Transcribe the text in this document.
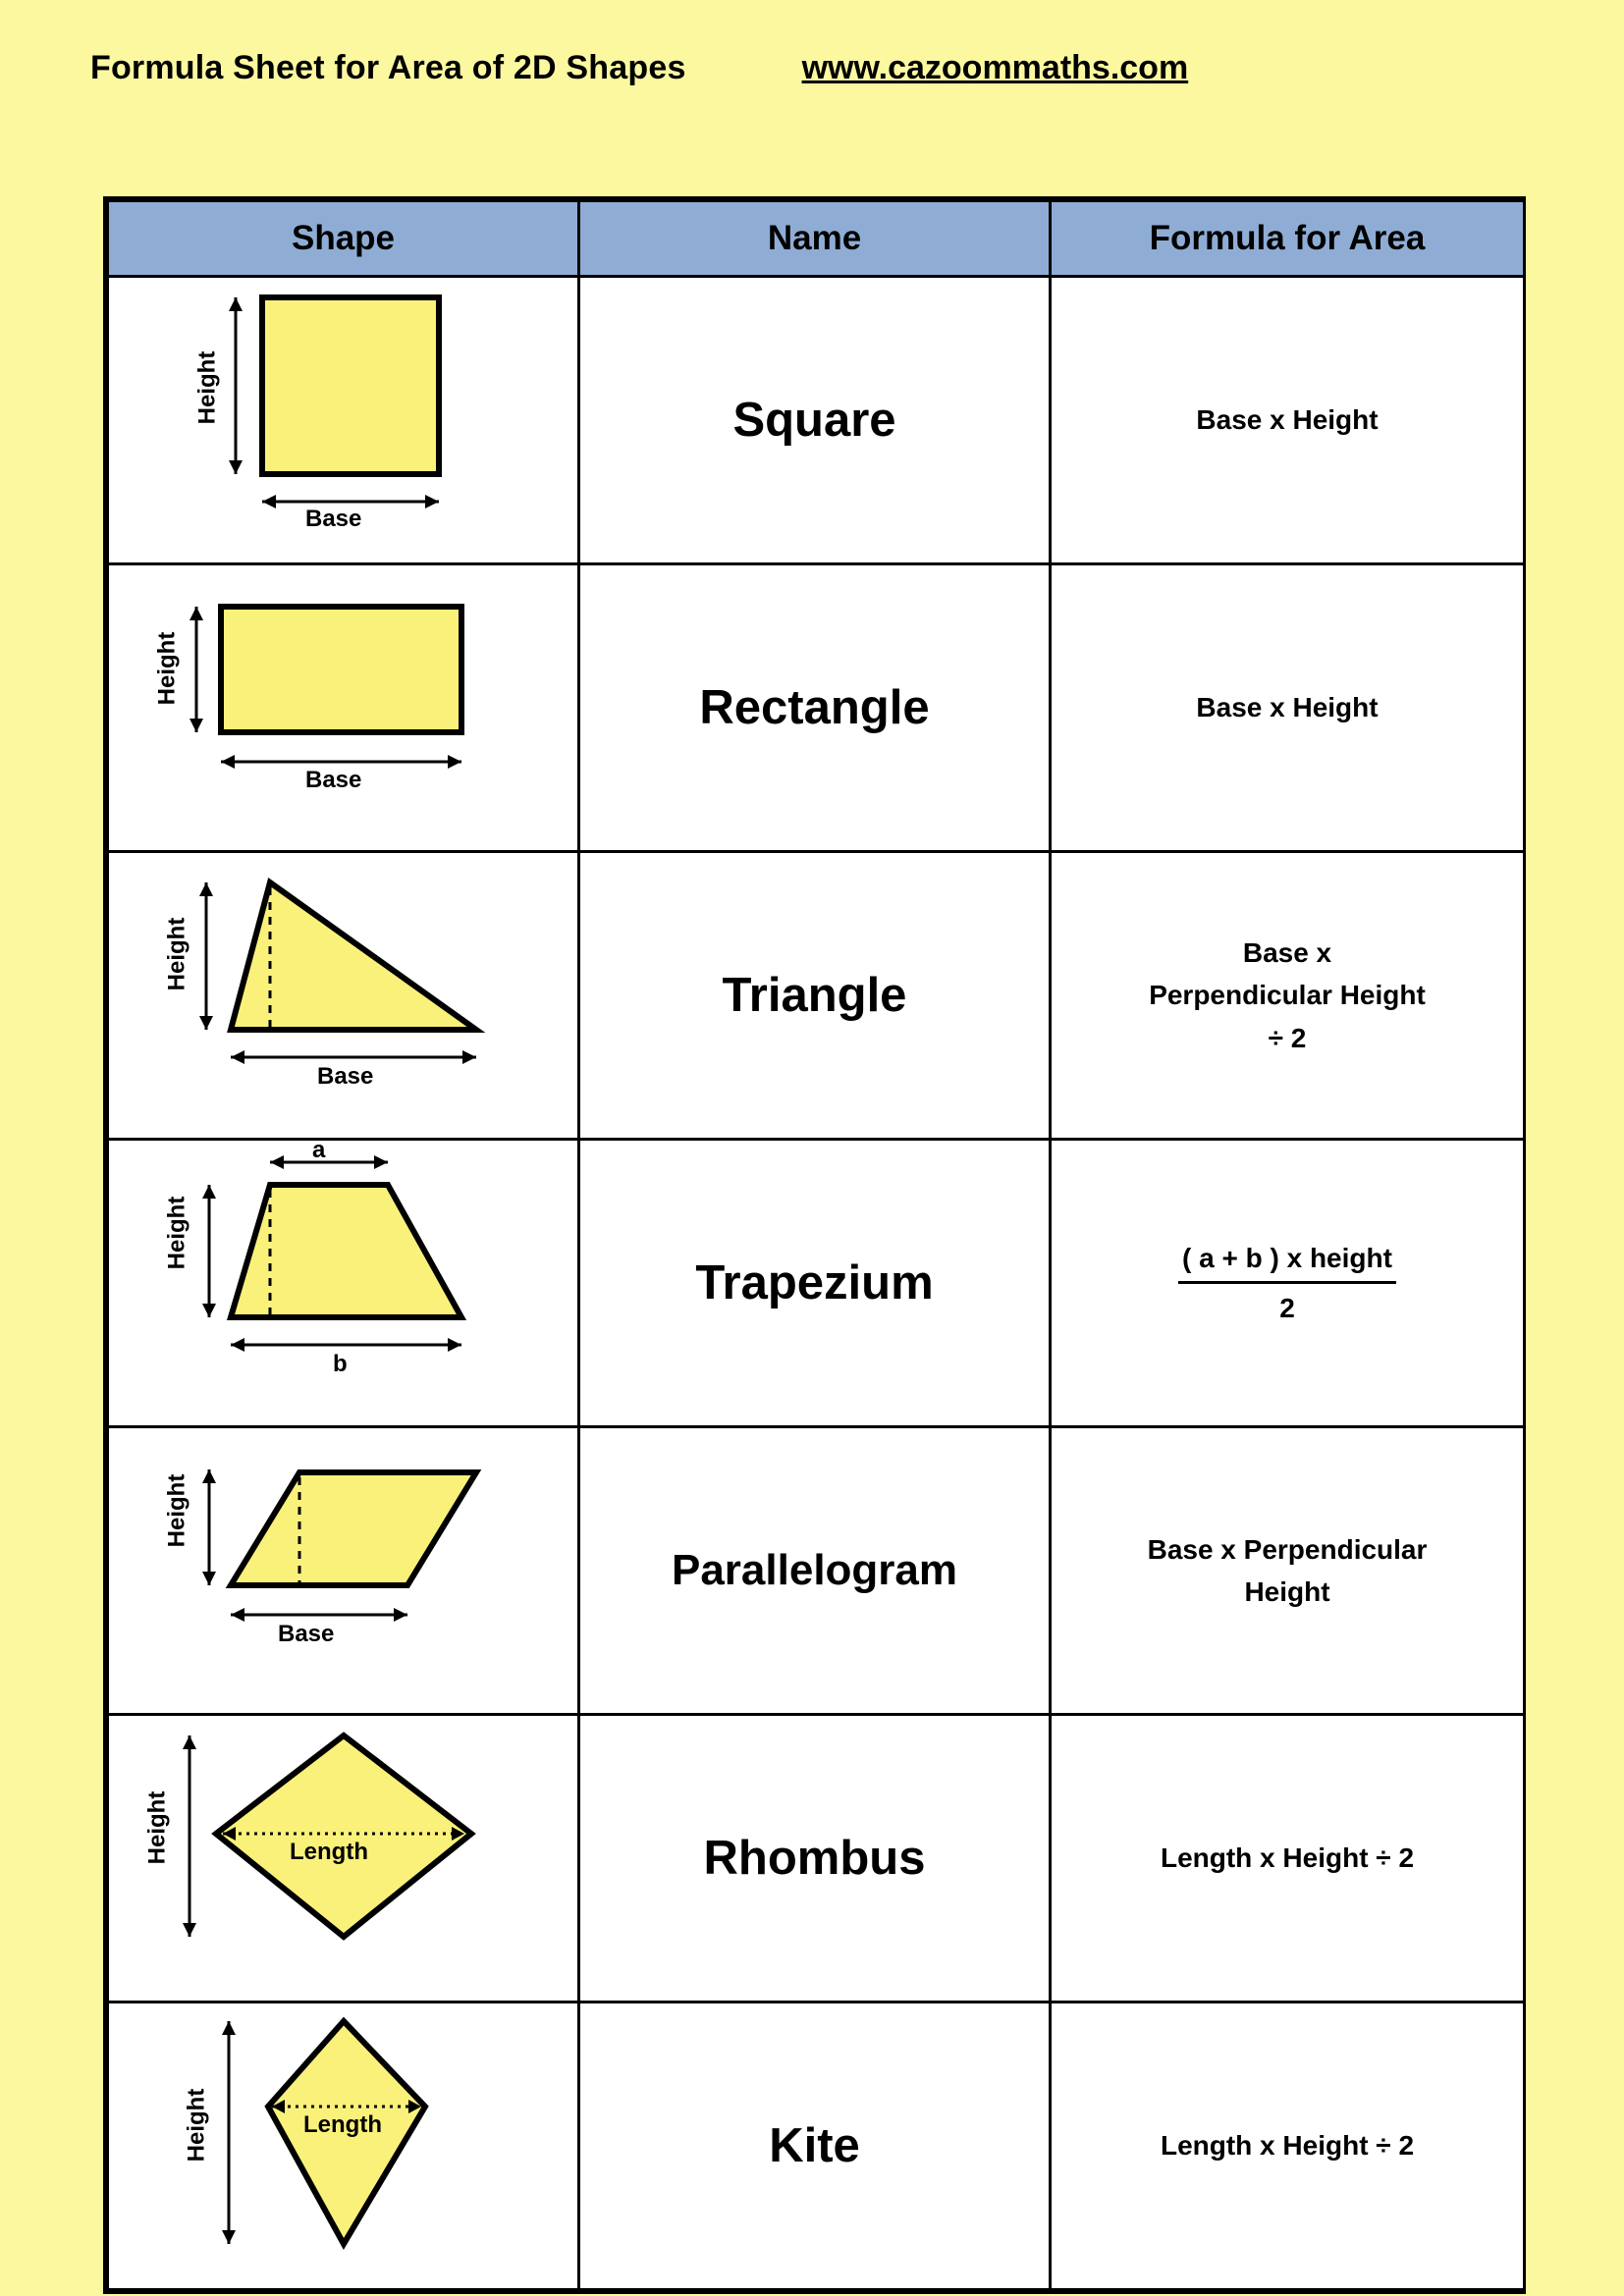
Formula Sheet for Area of 2D Shapes	www.cazoommaths.com
Shape	Name	Formula for Area

Height
Base	Square	Base x Height

Height
Base	Rectangle	Base x Height

Height
Base
	Triangle	
Base x
Perpendicular Height
÷ 2

a
Height
b
	Trapezium	$\frac{\text{( a + b ) x height}}{2}$

Height
Base
	Parallelogram	Base x Perpendicular
Height

Height Length	Rhombus	Length x Height ÷ 2

Height Length	Kite	Length x Height ÷ 2
